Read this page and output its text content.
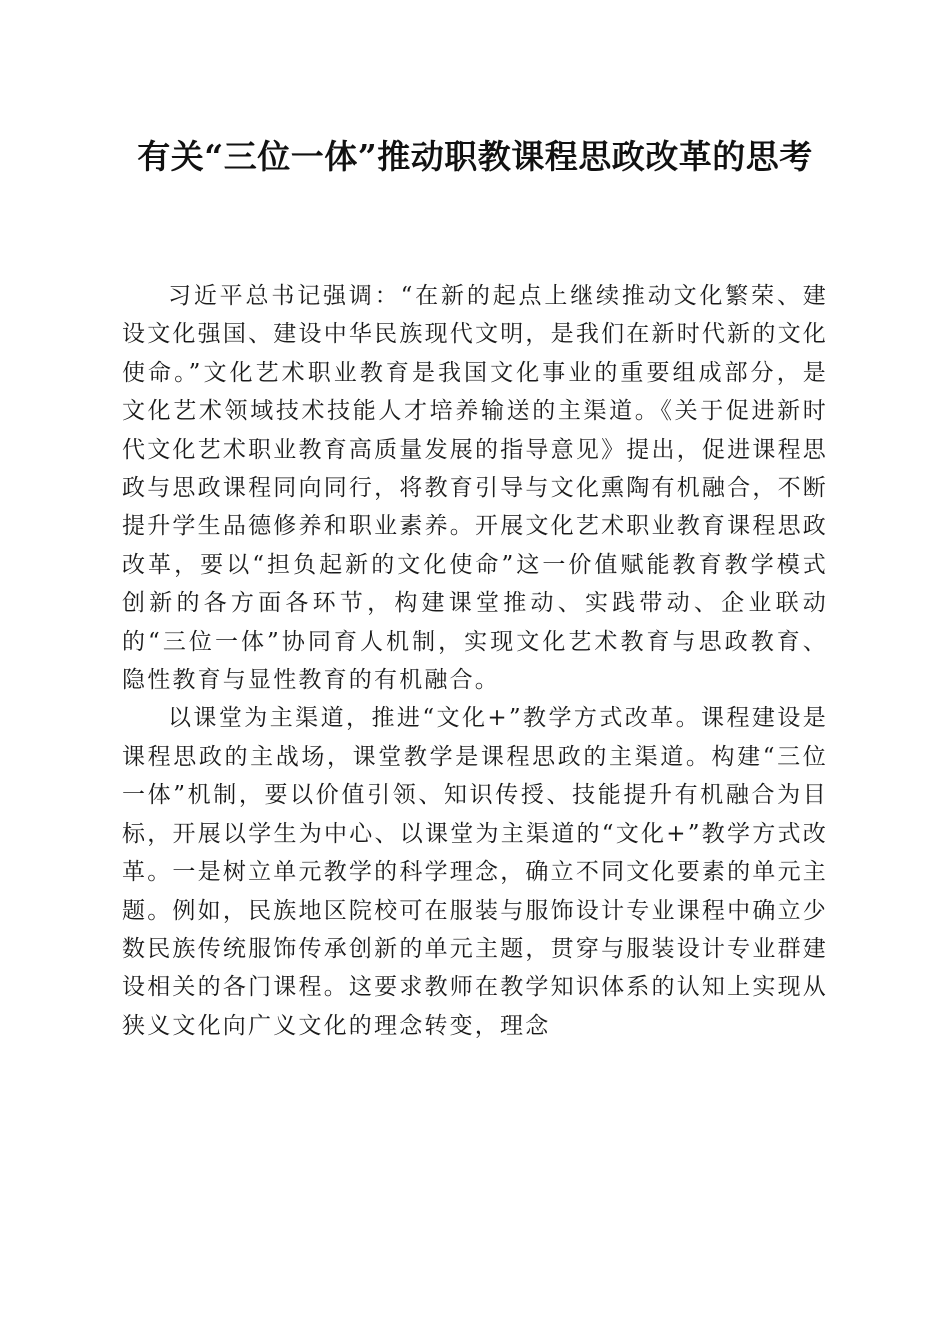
有关“三位一体”推动职教课程思政改革的思考

习近平总书记强调：“在新的起点上继续推动文化繁荣、建设文化强国、建设中华民族现代文明，是我们在新时代新的文化使命。”文化艺术职业教育是我国文化事业的重要组成部分，是文化艺术领域技术技能人才培养输送的主渠道。《关于促进新时代文化艺术职业教育高质量发展的指导意见》提出，促进课程思政与思政课程同向同行，将教育引导与文化熏陶有机融合，不断提升学生品德修养和职业素养。开展文化艺术职业教育课程思政改革，要以“担负起新的文化使命”这一价值赋能教育教学模式创新的各方面各环节，构建课堂推动、实践带动、企业联动的“三位一体”协同育人机制，实现文化艺术教育与思政教育、隐性教育与显性教育的有机融合。

以课堂为主渠道，推进“文化+”教学方式改革。课程建设是课程思政的主战场，课堂教学是课程思政的主渠道。构建“三位一体”机制，要以价值引领、知识传授、技能提升有机融合为目标，开展以学生为中心、以课堂为主渠道的“文化+”教学方式改革。一是树立单元教学的科学理念，确立不同文化要素的单元主题。例如，民族地区院校可在服装与服饰设计专业课程中确立少数民族传统服饰传承创新的单元主题，贯穿与服装设计专业群建设相关的各门课程。这要求教师在教学知识体系的认知上实现从狭义文化向广义文化的理念转变，理念
